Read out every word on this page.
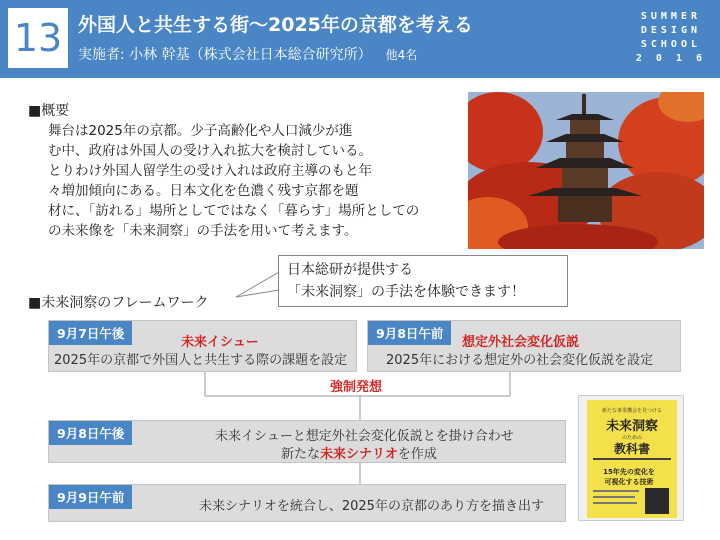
13 外国人と共生する街～2025年の京都を考える
実施者: 小林 幹基（株式会社日本総合研究所） 他4名
SUMMER
DESIGN
SCHOOL
2 0 1 6
■概要
舞台は2025年の京都。少子高齢化や人口減少が進
む中、政府は外国人の受け入れ拡大を検討している。
とりわけ外国人留学生の受け入れは政府主導のもと年
々増加傾向にある。日本文化を色濃く残す京都を題
材に、「訪れる」場所としてではなく「暮らす」場所としての
の未来像を「未来洞察」の手法を用いて考えます。
日本総研が提供する
「未来洞察」の手法を体験できます！
■未来洞察のフレームワーク
9月7日午後
未来イシュー
2025年の京都で外国人と共生する際の課題を設定
9月8日午前
想定外社会変化仮説
2025年における想定外の社会変化仮説を設定
強制発想
9月8日午後	未来イシューと想定外社会変化仮説とを掛け合わせ
新たな未来シナリオを作成
9月9日午前
未来シナリオを統合し、2025年の京都のあり方を描き出す
新たな事業機会を見つける
未来洞察
のための
教科書
15年先の変化を
可視化する技術
